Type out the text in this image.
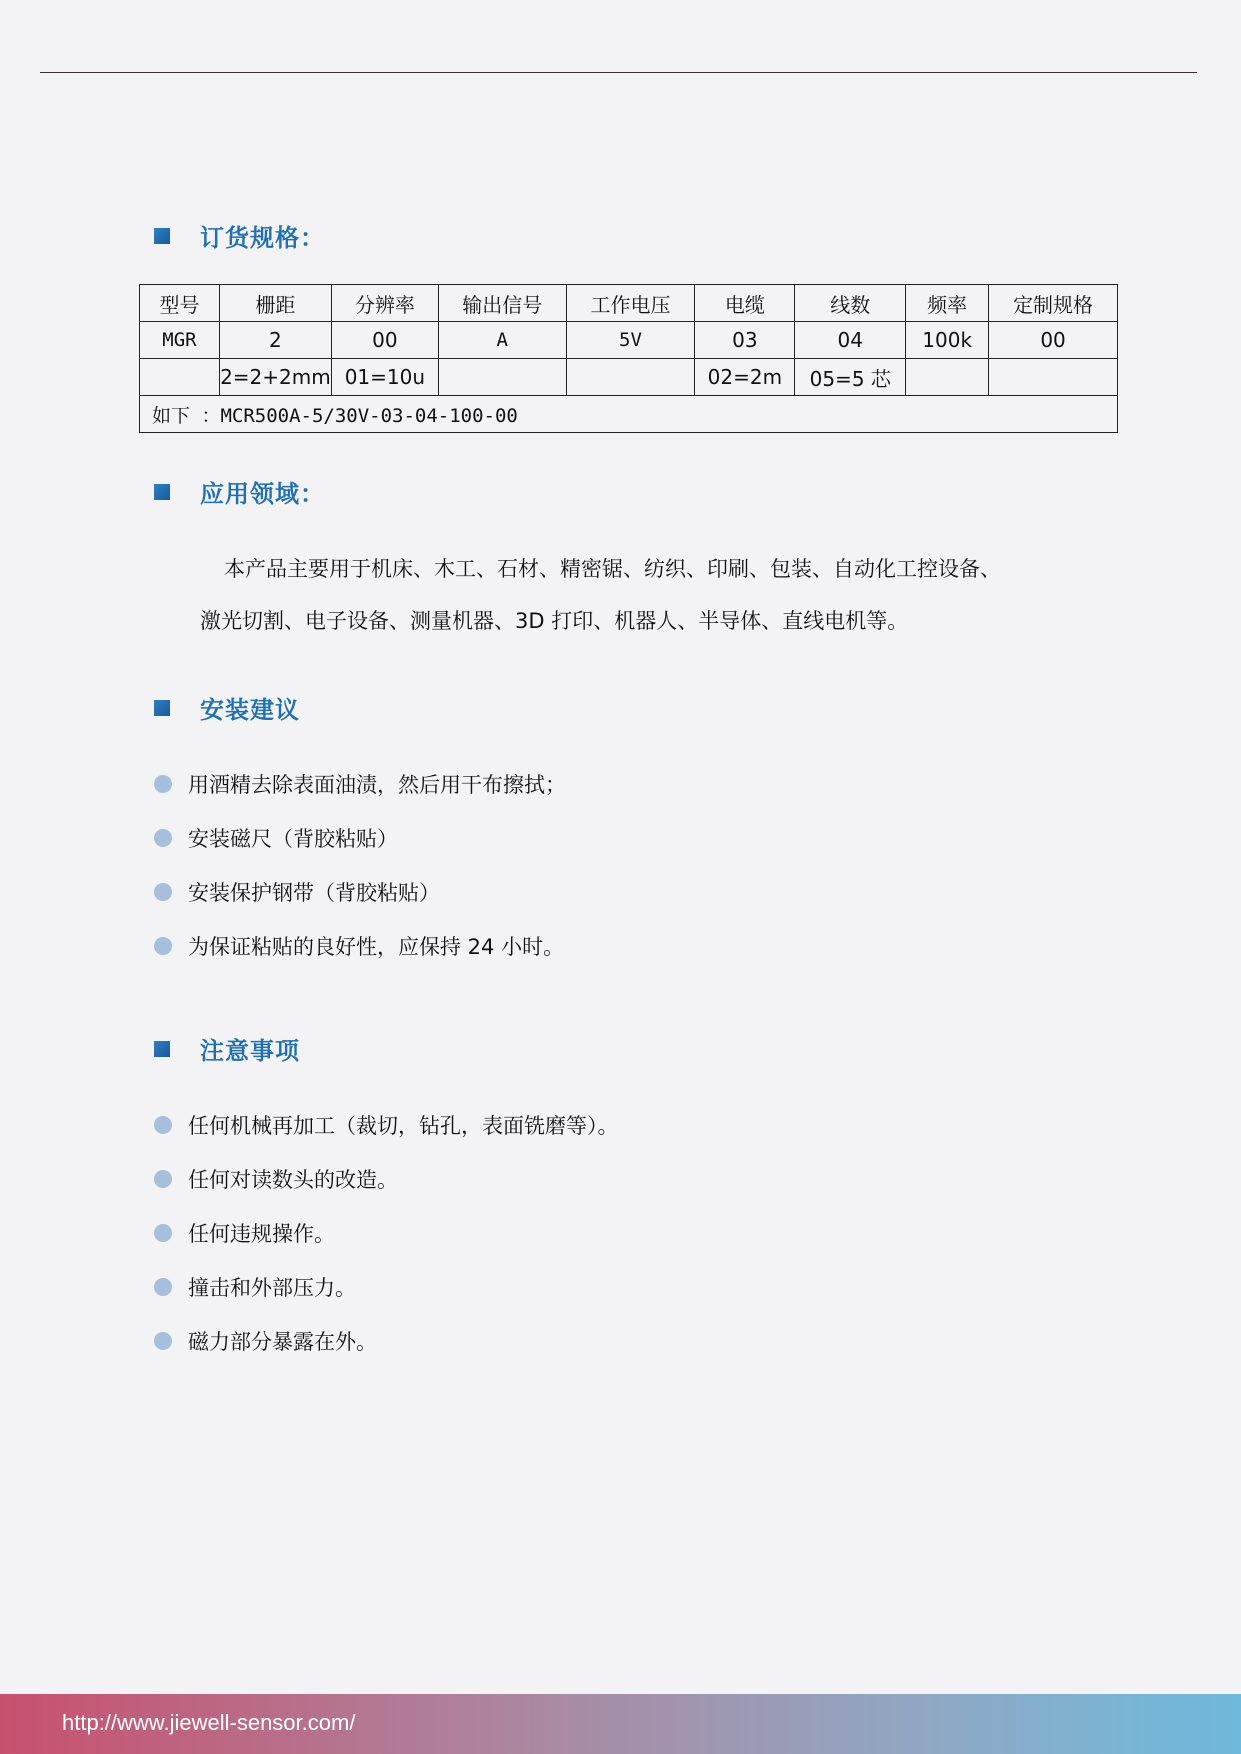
订货规格：
型号	栅距	分辨率	输出信号	工作电压	电缆	线数	频率	定制规格
MGR	2	00	A	5V	03	04	100k	00
	2=2+2mm	01=10u			02=2m	05=5 芯		
如下 ：MCR500A-5/30V-03-04-100-00								
应用领域：
本产品主要用于机床、木工、石材、精密锯、纺织、印刷、包装、自动化工控设备、
激光切割、电子设备、测量机器、3D 打印、机器人、半导体、直线电机等。
安装建议
用酒精去除表面油渍，然后用干布擦拭；
安装磁尺（背胶粘贴）
安装保护钢带（背胶粘贴）
为保证粘贴的良好性，应保持 24 小时。
注意事项
任何机械再加工（裁切，钻孔，表面铣磨等）。
任何对读数头的改造。
任何违规操作。
撞击和外部压力。
磁力部分暴露在外。
http://www.jiewell-sensor.com/
